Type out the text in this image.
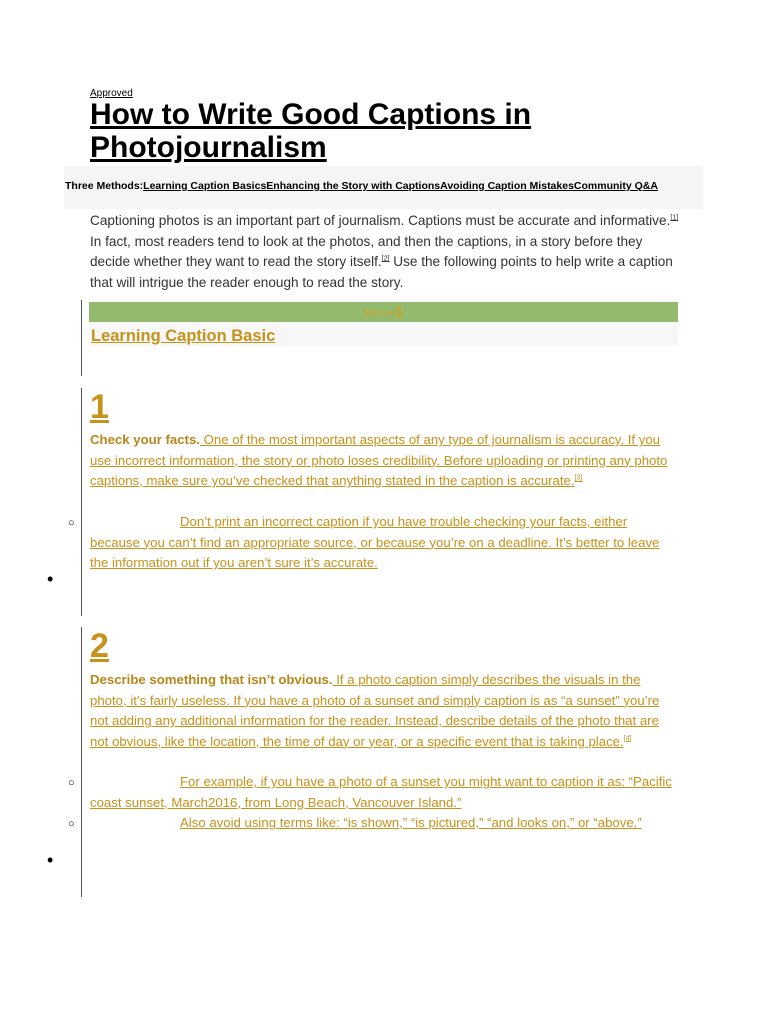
Approved
How to Write Good Captions in Photojournalism
Three Methods:Learning Caption BasicsEnhancing the Story with CaptionsAvoiding Caption MistakesCommunity Q&A
Captioning photos is an important part of journalism. Captions must be accurate and informative.[1] In fact, most readers tend to look at the photos, and then the captions, in a story before they decide whether they want to read the story itself.[2] Use the following points to help write a caption that will intrigue the reader enough to read the story.
Method1
Learning Caption Basic
1
Check your facts. One of the most important aspects of any type of journalism is accuracy. If you use incorrect information, the story or photo loses credibility. Before uploading or printing any photo captions, make sure you’ve checked that anything stated in the caption is accurate.[3]
○	Don’t print an incorrect caption if you have trouble checking your facts, either because you can’t find an appropriate source, or because you’re on a deadline. It’s better to leave the information out if you aren’t sure it’s accurate.
•
2
Describe something that isn’t obvious. If a photo caption simply describes the visuals in the photo, it’s fairly useless. If you have a photo of a sunset and simply caption is as “a sunset” you’re not adding any additional information for the reader. Instead, describe details of the photo that are not obvious, like the location, the time of day or year, or a specific event that is taking place.[4]
○	For example, if you have a photo of a sunset you might want to caption it as: “Pacific coast sunset, March2016, from Long Beach, Vancouver Island.”
○	Also avoid using terms like: “is shown,” “is pictured,” “and looks on,” or “above.”
•
